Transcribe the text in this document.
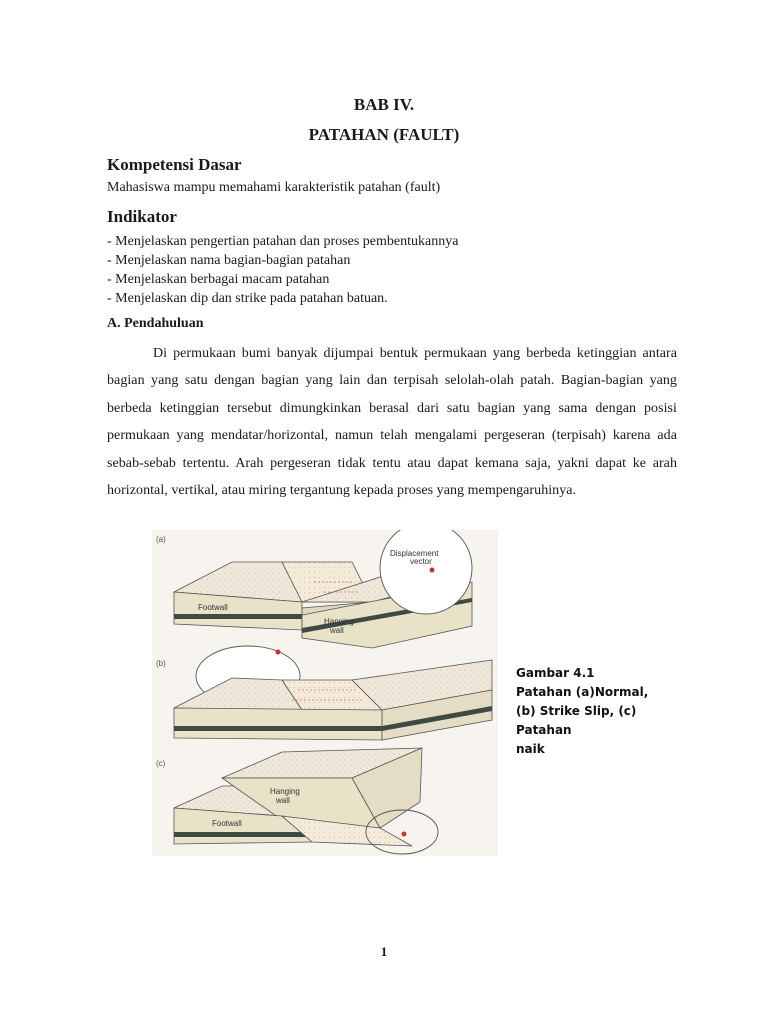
BAB IV.
PATAHAN (FAULT)
Kompetensi Dasar
Mahasiswa mampu memahami karakteristik patahan (fault)
Indikator
- Menjelaskan pengertian patahan dan proses pembentukannya
- Menjelaskan nama bagian-bagian patahan
- Menjelaskan berbagai macam patahan
- Menjelaskan dip dan strike pada patahan batuan.
A. Pendahuluan

Di permukaan bumi banyak dijumpai bentuk permukaan yang berbeda ketinggian antara bagian yang satu dengan bagian yang lain dan terpisah selolah-olah patah. Bagian-bagian yang berbeda ketinggian tersebut dimungkinkan berasal dari satu bagian yang sama dengan posisi permukaan yang mendatar/horizontal, namun telah mengalami pergeseran (terpisah) karena ada sebab-sebab tertentu. Arah pergeseran tidak tentu atau dapat kemana saja, yakni dapat ke arah horizontal, vertikal, atau miring tergantung kepada proses yang mempengaruhinya.

(a)
Footwall
Hanging
wall
Displacement
vector
(b)
(c)
Hanging
wall
Footwall
Gambar 4.1
Patahan (a)Normal,
(b) Strike Slip, (c) Patahan
naik
1
